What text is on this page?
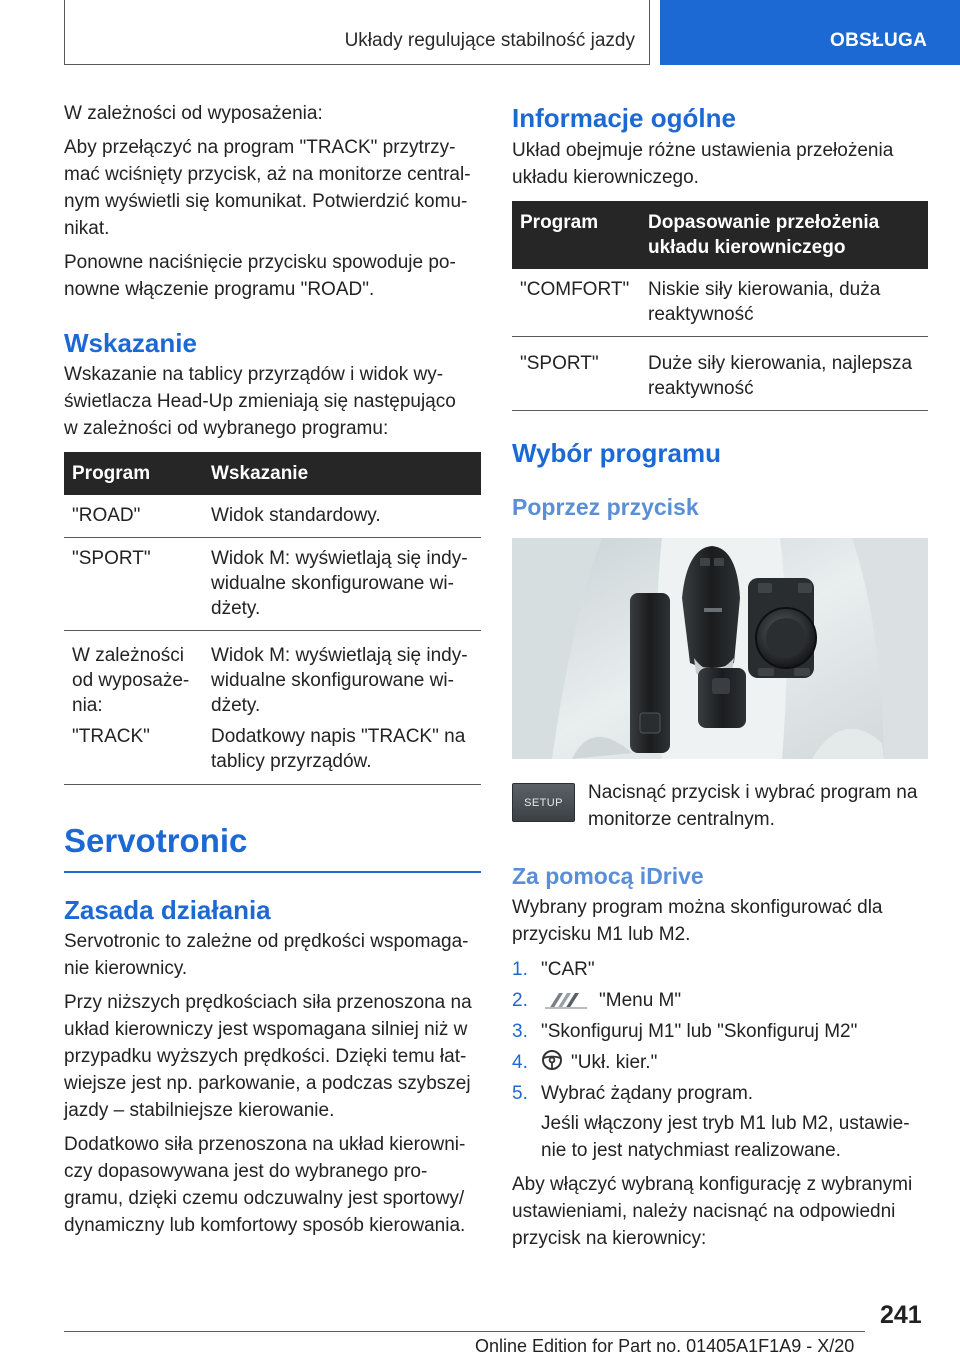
Układy regulujące stabilność jazdy	OBSŁUGA

W zależności od wyposażenia:

Aby przełączyć na program "TRACK" przytrzy-
mać wciśnięty przycisk, aż na monitorze central-
nym wyświetli się komunikat. Potwierdzić komu-
nikat.

Ponowne naciśnięcie przycisku spowoduje po-
nowne włączenie programu "ROAD".

Wskazanie

Wskazanie na tablicy przyrządów i widok wy-
świetlacza Head-Up zmieniają się następująco
w zależności od wybranego programu:

Program	Wskazanie
"ROAD"	Widok standardowy.
"SPORT"	Widok M: wyświetlają się indy-
widualne skonfigurowane wi-
dżety.
W zależności
od wyposaże-
nia:	Widok M: wyświetlają się indy-
widualne skonfigurowane wi-
dżety.
"TRACK"	Dodatkowy napis "TRACK" na
tablicy przyrządów.
Servotronic
Zasada działania

Servotronic to zależne od prędkości wspomaga-
nie kierownicy.

Przy niższych prędkościach siła przenoszona na
układ kierowniczy jest wspomagana silniej niż w
przypadku wyższych prędkości. Dzięki temu łat-
wiejsze jest np. parkowanie, a podczas szybszej
jazdy – stabilniejsze kierowanie.

Dodatkowo siła przenoszona na układ kierowni-
czy dopasowywana jest do wybranego pro-
gramu, dzięki czemu odczuwalny jest sportowy/
dynamiczny lub komfortowy sposób kierowania.

Informacje ogólne

Układ obejmuje różne ustawienia przełożenia
układu kierowniczego.

Program	Dopasowanie przełożenia
układu kierowniczego
"COMFORT"	Niskie siły kierowania, duża
reaktywność
"SPORT"	Duże siły kierowania, najlepsza
reaktywność
Wybór programu
Poprzez przycisk
SETUP Nacisnąć przycisk i wybrać program na
monitorze centralnym.
Za pomocą iDrive

Wybrany program można skonfigurować dla
przycisku M1 lub M2.

1. "CAR"
2.	"Menu M"
3. "Skonfiguruj M1" lub "Skonfiguruj M2"
4.	"Ukł. kier."
5. Wybrać żądany program.

Jeśli włączony jest tryb M1 lub M2, ustawie-
nie to jest natychmiast realizowane.

Aby włączyć wybraną konfigurację z wybranymi
ustawieniami, należy nacisnąć na odpowiedni
przycisk na kierownicy:

241
Online Edition for Part no. 01405A1F1A9 - X/20
